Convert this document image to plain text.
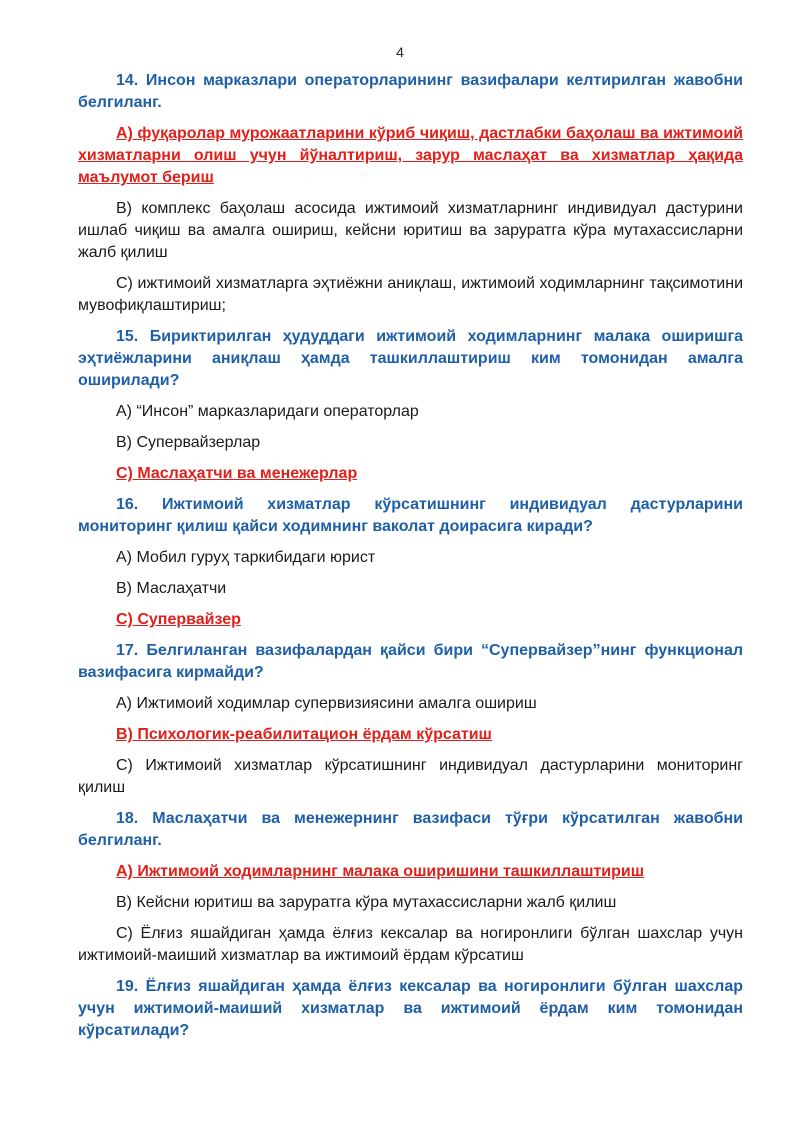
4

14. Инсон марказлари операторларининг вазифалари келтирилган жавобни белгиланг.

A) фуқаролар мурожаатларини кўриб чиқиш, дастлабки баҳолаш ва ижтимоий хизматларни олиш учун йўналтириш, зарур маслаҳат ва хизматлар ҳақида маълумот бериш

B) комплекс баҳолаш асосида ижтимоий хизматларнинг индивидуал дастурини ишлаб чиқиш ва амалга ошириш, кейсни юритиш ва заруратга кўра мутахассисларни жалб қилиш

C) ижтимоий хизматларга эҳтиёжни аниқлаш, ижтимоий ходимларнинг тақсимотини мувофиқлаштириш;

15. Бириктирилган ҳудуддаги ижтимоий ходимларнинг малака оширишга эҳтиёжларини аниқлаш ҳамда ташкиллаштириш ким томонидан амалга оширилади?

A) “Инсон” марказларидаги операторлар

B) Супервайзерлар

C) Маслаҳатчи ва менежерлар

16. Ижтимоий хизматлар кўрсатишнинг индивидуал дастурларини мониторинг қилиш қайси ходимнинг ваколат доирасига киради?

A) Мобил гуруҳ таркибидаги юрист

B) Маслаҳатчи

C) Супервайзер

17. Белгиланган вазифалардан қайси бири “Супервайзер”нинг функционал вазифасига кирмайди?

A) Ижтимоий ходимлар супервизиясини амалга ошириш

B) Психологик-реабилитацион ёрдам кўрсатиш

C) Ижтимоий хизматлар кўрсатишнинг индивидуал дастурларини мониторинг қилиш

18. Маслаҳатчи ва менежернинг вазифаси тўғри кўрсатилган жавобни белгиланг.

A) Ижтимоий ходимларнинг малака оширишини ташкиллаштириш

B) Кейсни юритиш ва заруратга кўра мутахассисларни жалб қилиш

C) Ёлғиз яшайдиган ҳамда ёлғиз кексалар ва ногиронлиги бўлган шахслар учун ижтимоий-маиший хизматлар ва ижтимоий ёрдам кўрсатиш

19. Ёлғиз яшайдиган ҳамда ёлғиз кексалар ва ногиронлиги бўлган шахслар учун ижтимоий-маиший хизматлар ва ижтимоий ёрдам ким томонидан кўрсатилади?
